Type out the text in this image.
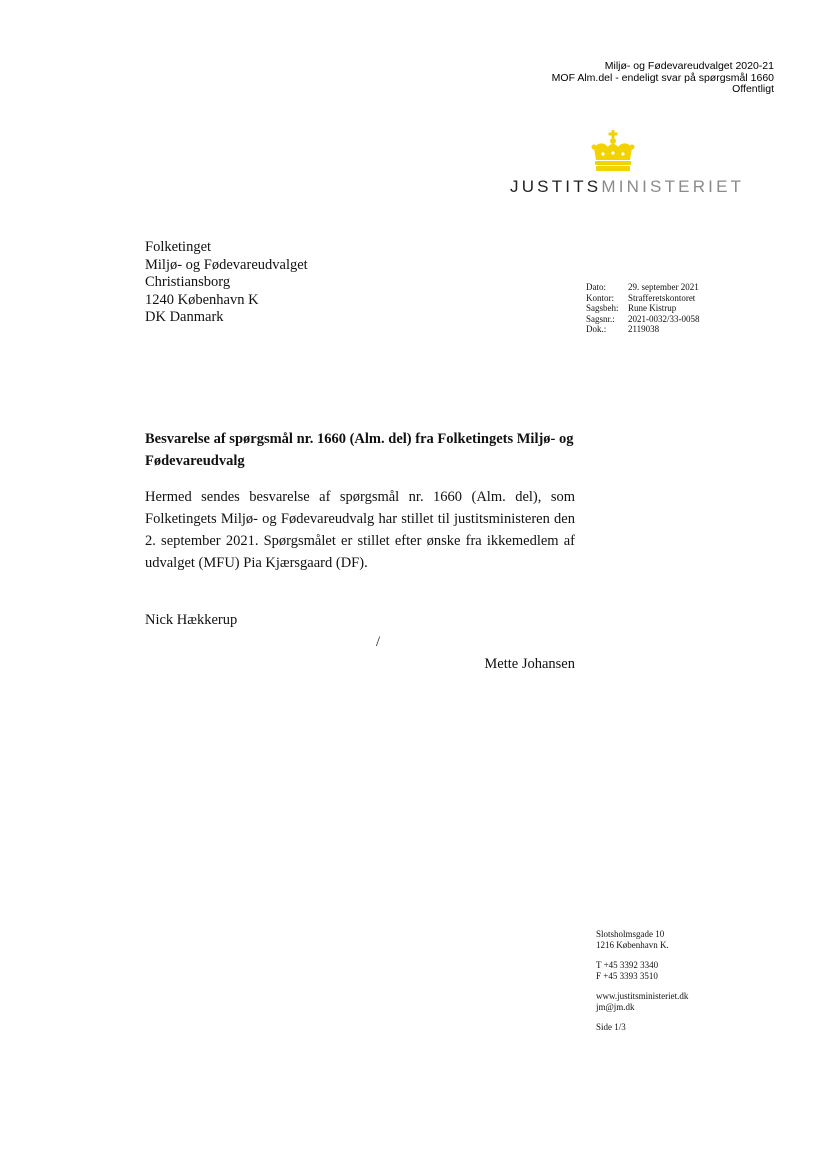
Miljø- og Fødevareudvalget 2020-21
MOF Alm.del - endeligt svar på spørgsmål 1660
Offentligt
JUSTITSMINISTERIET
Folketinget
Miljø- og Fødevareudvalget
Christiansborg
1240 København K
DK Danmark
Dato:	29. september 2021
Kontor:	Strafferetskontoret
Sagsbeh:	Rune Kistrup
Sagsnr.:	2021-0032/33-0058
Dok.:	2119038
Besvarelse af spørgsmål nr. 1660 (Alm. del) fra Folketingets Miljø- og Fødevareudvalg
Hermed sendes besvarelse af spørgsmål nr. 1660 (Alm. del), som Folketingets Miljø- og Fødevareudvalg har stillet til justitsministeren den 2. september 2021. Spørgsmålet er stillet efter ønske fra ikkemedlem af udvalget (MFU) Pia Kjærsgaard (DF).
Nick Hækkerup
/
Mette Johansen
Slotsholmsgade 10
1216 København K.
T +45 3392 3340
F +45 3393 3510
www.justitsministeriet.dk
jm@jm.dk
Side 1/3
